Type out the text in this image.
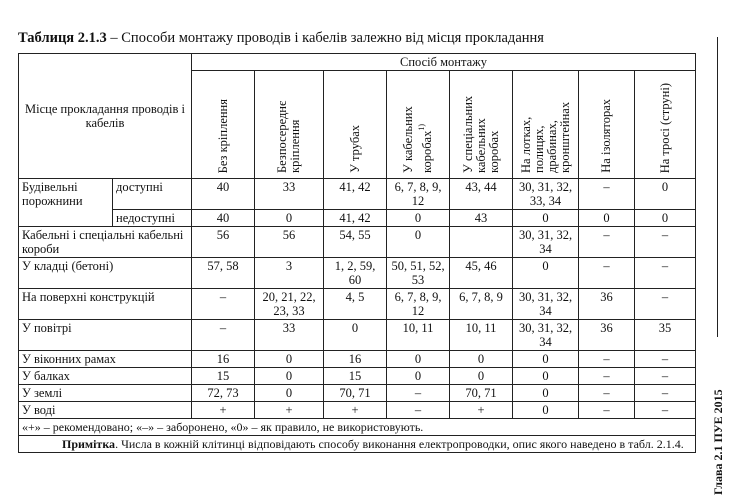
Таблиця 2.1.3 – Способи монтажу проводів і кабелів залежно від місця прокладання
Місце прокладання проводів і кабелів		Спосіб монтажу							
		Без кріплення	Безпосереднє кріплення	У трубах	У кабельних коробах$^{1)}$	У спеціальних кабельних коробах	На лотках, полицях, драбинах, кронштейнах	На ізоляторах	На тросі (струні)
Будівельні порожнини	доступні	40	33	41, 42	6, 7, 8, 9, 12	43, 44	30, 31, 32, 33, 34	–	0
	недоступні	40	0	41, 42	0	43	0	0	0
Кабельні і спеціальні кабельні короби		56	56	54, 55	0		30, 31, 32, 34	–	–
У кладці (бетоні)		57, 58	3	1, 2, 59, 60	50, 51, 52, 53	45, 46	0	–	–
На поверхні конструкцій		–	20, 21, 22, 23, 33	4, 5	6, 7, 8, 9, 12	6, 7, 8, 9	30, 31, 32, 34	36	–
У повітрі		–	33	0	10, 11	10, 11	30, 31, 32, 34	36	35
У віконних рамах		16	0	16	0	0	0	–	–
У балках		15	0	15	0	0	0	–	–
У землі		72, 73	0	70, 71	–	70, 71	0	–	–
У воді		+	+	+	–	+	0	–	–
«+» – рекомендовано; «–» – заборонено, «0» – як правило, не використовують.									
Примітка. Числа в кожній клітинці відповідають способу виконання електропроводки, опис якого наведено в табл. 2.1.4.									Глава 2.1 ПУЕ 2015
